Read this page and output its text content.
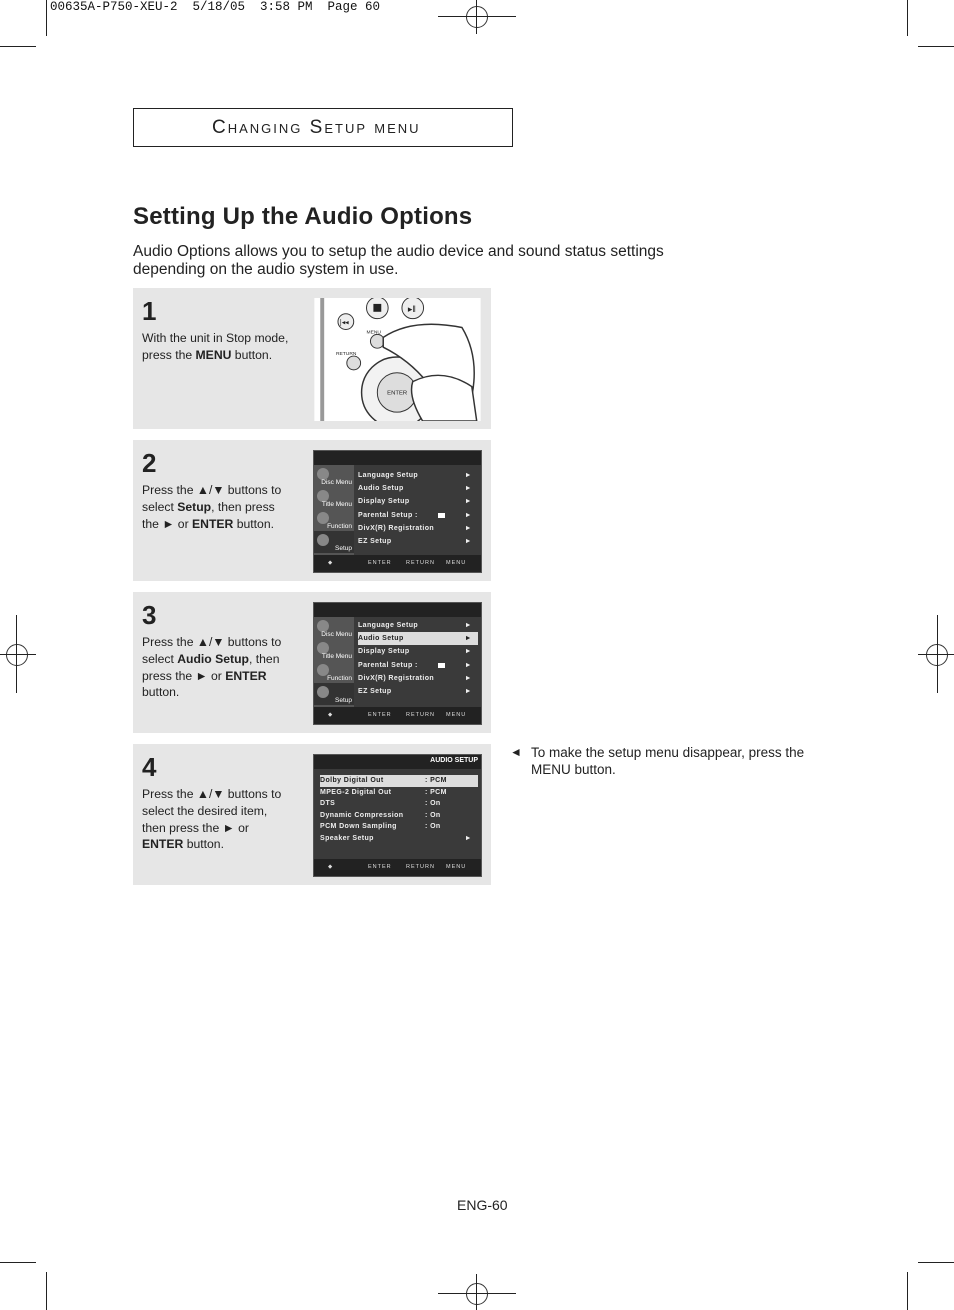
00635A-P750-XEU-2  5/18/05  3:58 PM  Page 60
Changing Setup menu
Setting Up the Audio Options
Audio Options allows you to setup the audio device and sound status settings depending on the audio system in use.
1
With the unit in Stop mode, press the MENU button.
▸ǁ
|◂◂
MENU
RETURN
ENTER
2
Press the ▲/▼ buttons to select Setup, then press the ► or ENTER button.
Disc Menu
Title Menu
Function
Setup
Language Setup	►
Audio Setup	►
Display Setup	►
Parental Setup :	►
DivX(R) Registration	►
EZ Setup	►
◆	ENTER	RETURN MENU
3
Press the ▲/▼ buttons to select Audio Setup, then press the ► or ENTER button.
Disc Menu
Title Menu
Function
Setup
Language Setup	►
Audio Setup	►
Display Setup	►
Parental Setup :	►
DivX(R) Registration	►
EZ Setup	►
◆	ENTER	RETURN MENU
4
Press the ▲/▼ buttons to select the desired item, then press the ► or ENTER button.
AUDIO SETUP
Dolby Digital Out	: PCM
MPEG-2 Digital Out	: PCM
DTS	: On
Dynamic Compression	: On
PCM Down Sampling	: On
Speaker Setup	►
◆	ENTER	RETURN MENU
◄ To make the setup menu disappear, press the MENU button.
ENG-60
